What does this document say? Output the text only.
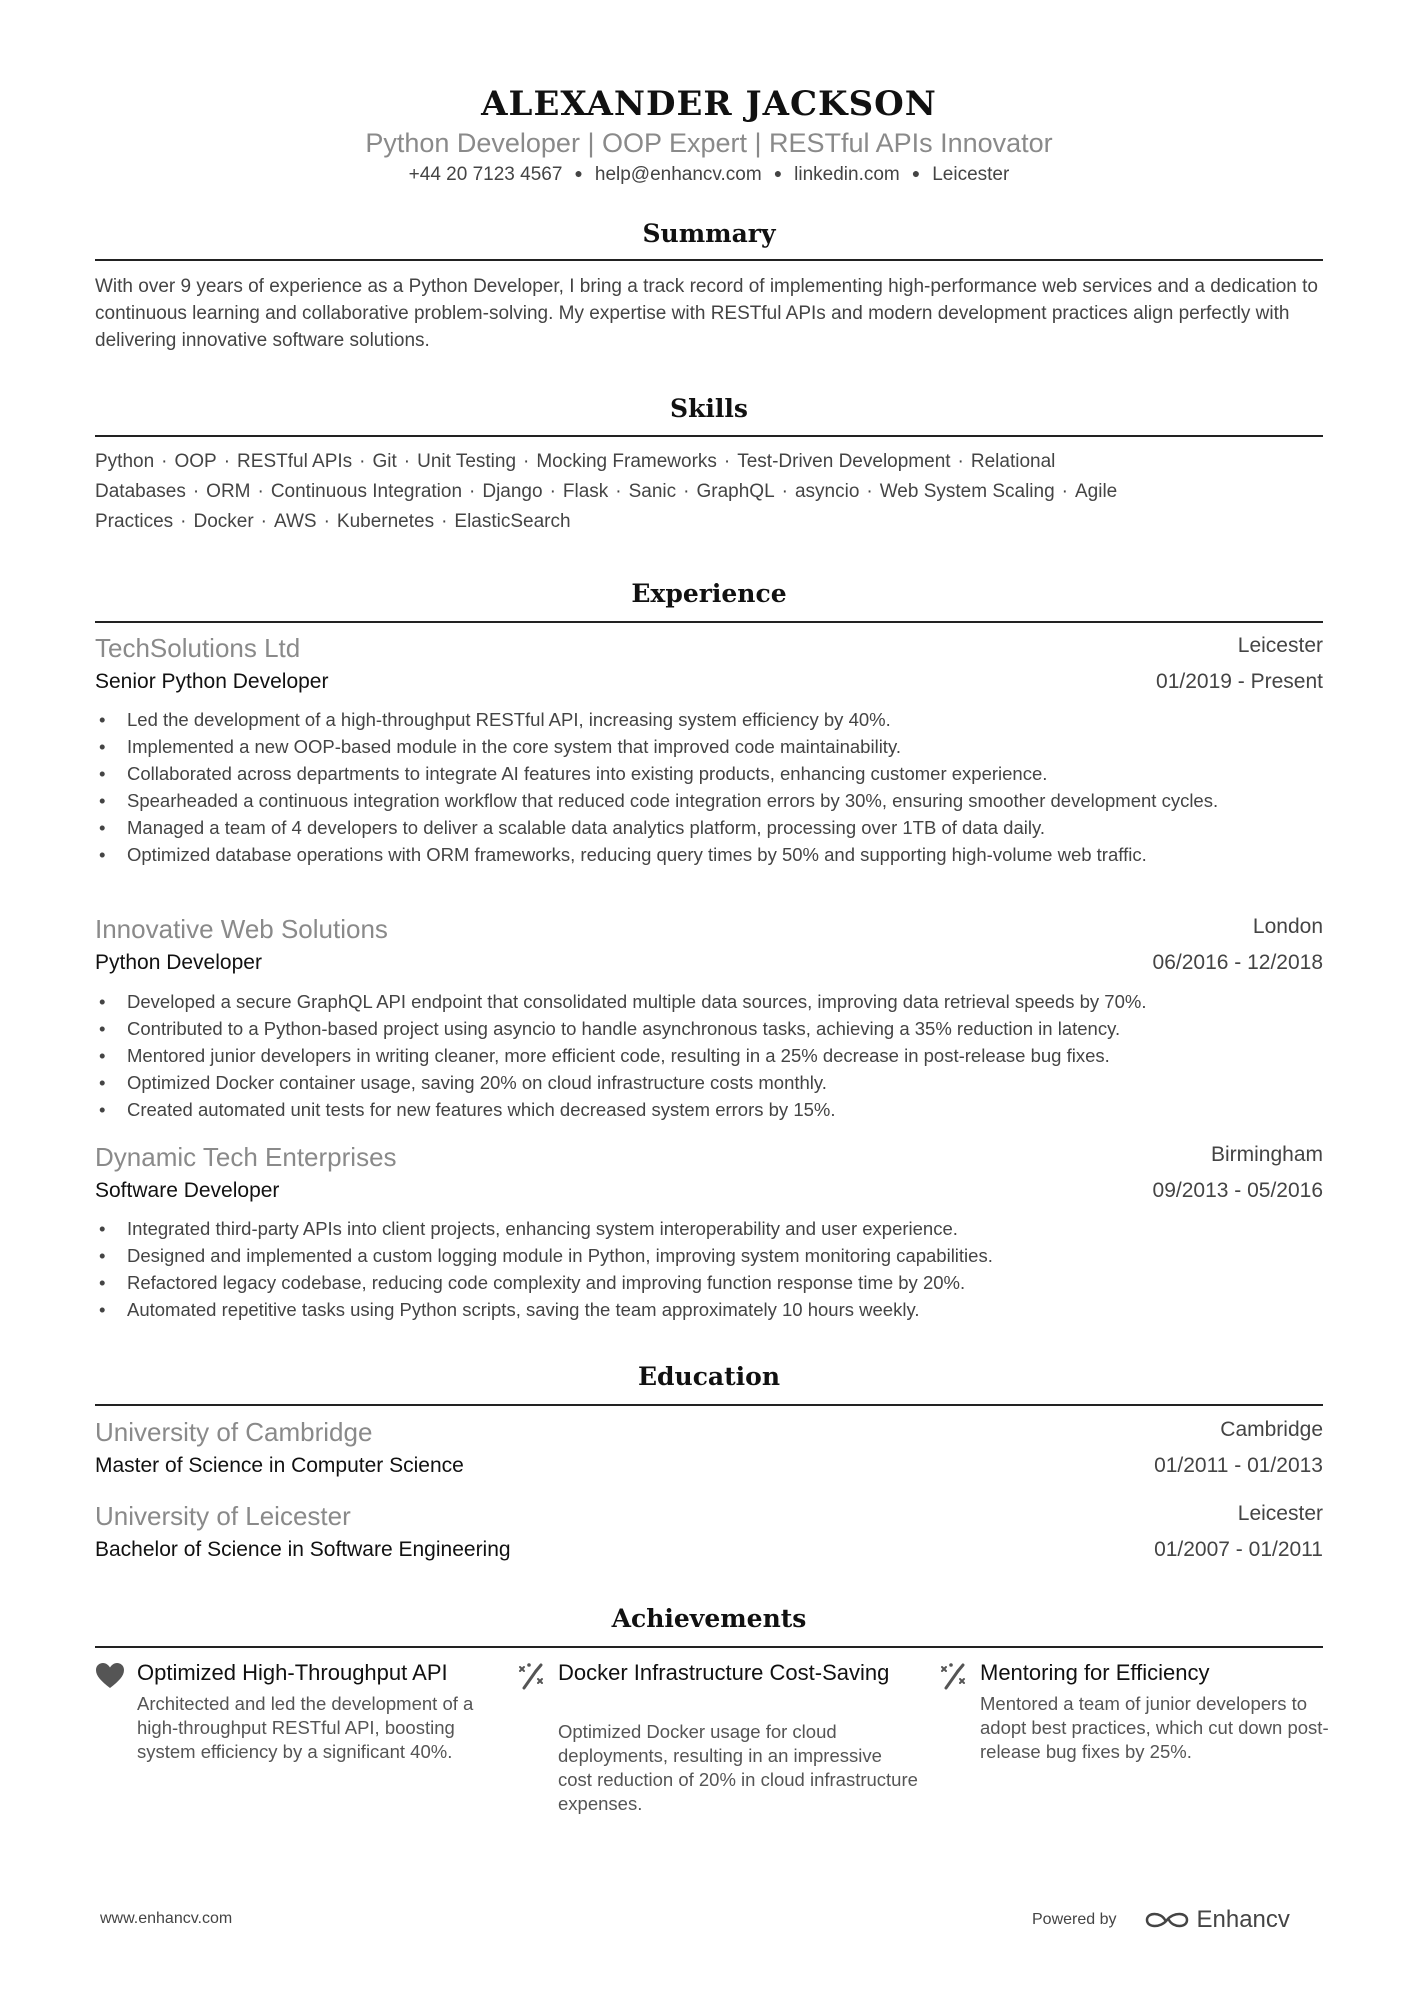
ALEXANDER JACKSON
Python Developer | OOP Expert | RESTful APIs Innovator
+44 20 7123 4567 ● help@enhancv.com ● linkedin.com ● Leicester
Summary
With over 9 years of experience as a Python Developer, I bring a track record of implementing high-performance web services and a dedication to continuous learning and collaborative problem-solving. My expertise with RESTful APIs and modern development practices align perfectly with delivering innovative software solutions.
Skills
Python · OOP · RESTful APIs · Git · Unit Testing · Mocking Frameworks · Test-Driven Development · Relational Databases · ORM · Continuous Integration · Django · Flask · Sanic · GraphQL · asyncio · Web System Scaling · Agile Practices · Docker · AWS · Kubernetes · ElasticSearch
Experience
TechSolutions Ltd	Leicester
Senior Python Developer	01/2019 - Present
• Led the development of a high-throughput RESTful API, increasing system efficiency by 40%.
• Implemented a new OOP-based module in the core system that improved code maintainability.
• Collaborated across departments to integrate AI features into existing products, enhancing customer experience.
• Spearheaded a continuous integration workflow that reduced code integration errors by 30%, ensuring smoother development cycles.
• Managed a team of 4 developers to deliver a scalable data analytics platform, processing over 1TB of data daily.
• Optimized database operations with ORM frameworks, reducing query times by 50% and supporting high-volume web traffic.
Innovative Web Solutions	London
Python Developer	06/2016 - 12/2018
• Developed a secure GraphQL API endpoint that consolidated multiple data sources, improving data retrieval speeds by 70%.
• Contributed to a Python-based project using asyncio to handle asynchronous tasks, achieving a 35% reduction in latency.
• Mentored junior developers in writing cleaner, more efficient code, resulting in a 25% decrease in post-release bug fixes.
• Optimized Docker container usage, saving 20% on cloud infrastructure costs monthly.
• Created automated unit tests for new features which decreased system errors by 15%.
Dynamic Tech Enterprises	Birmingham
Software Developer	09/2013 - 05/2016
• Integrated third-party APIs into client projects, enhancing system interoperability and user experience.
• Designed and implemented a custom logging module in Python, improving system monitoring capabilities.
• Refactored legacy codebase, reducing code complexity and improving function response time by 20%.
• Automated repetitive tasks using Python scripts, saving the team approximately 10 hours weekly.
Education
University of Cambridge	Cambridge
Master of Science in Computer Science	01/2011 - 01/2013
University of Leicester	Leicester
Bachelor of Science in Software Engineering	01/2007 - 01/2011
Achievements
Optimized High-Throughput API
Architected and led the development of a high-throughput RESTful API, boosting system efficiency by a significant 40%.
Docker Infrastructure Cost-Saving
Optimized Docker usage for cloud deployments, resulting in an impressive cost reduction of 20% in cloud infrastructure expenses.
Mentoring for Efficiency
Mentored a team of junior developers to adopt best practices, which cut down post-release bug fixes by 25%.
www.enhancv.com	Powered by	Enhancv
